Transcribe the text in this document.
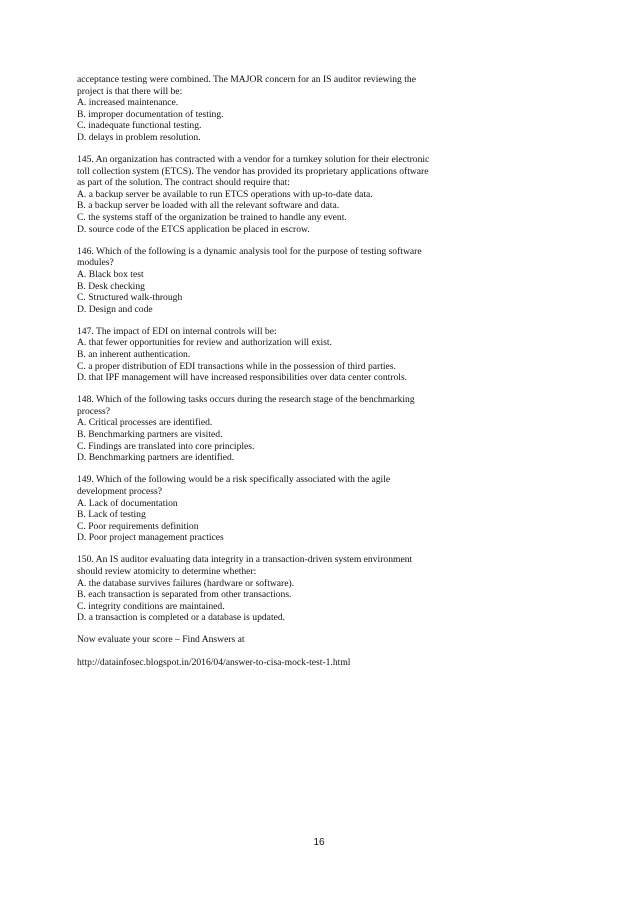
acceptance testing were combined. The MAJOR concern for an IS auditor reviewing the
project is that there will be:
A. increased maintenance.
B. improper documentation of testing.
C. inadequate functional testing.
D. delays in problem resolution.
145. An organization has contracted with a vendor for a turnkey solution for their electronic
toll collection system (ETCS). The vendor has provided its proprietary applications oftware
as part of the solution. The contract should require that:
A. a backup server be available to run ETCS operations with up-to-date data.
B. a backup server be loaded with all the relevant software and data.
C. the systems staff of the organization be trained to handle any event.
D. source code of the ETCS application be placed in escrow.
146. Which of the following is a dynamic analysis tool for the purpose of testing software
modules?
A. Black box test
B. Desk checking
C. Structured walk-through
D. Design and code
147. The impact of EDI on internal controls will be:
A. that fewer opportunities for review and authorization will exist.
B. an inherent authentication.
C. a proper distribution of EDI transactions while in the possession of third parties.
D. that IPF management will have increased responsibilities over data center controls.
148. Which of the following tasks occurs during the research stage of the benchmarking
process?
A. Critical processes are identified.
B. Benchmarking partners are visited.
C. Findings are translated into core principles.
D. Benchmarking partners are identified.
149. Which of the following would be a risk specifically associated with the agile
development process?
A. Lack of documentation
B. Lack of testing
C. Poor requirements definition
D. Poor project management practices
150. An IS auditor evaluating data integrity in a transaction-driven system environment
should review atomicity to determine whether:
A. the database survives failures (hardware or software).
B. each transaction is separated from other transactions.
C. integrity conditions are maintained.
D. a transaction is completed or a database is updated.
Now evaluate your score – Find Answers at
http://datainfosec.blogspot.in/2016/04/answer-to-cisa-mock-test-1.html
16
